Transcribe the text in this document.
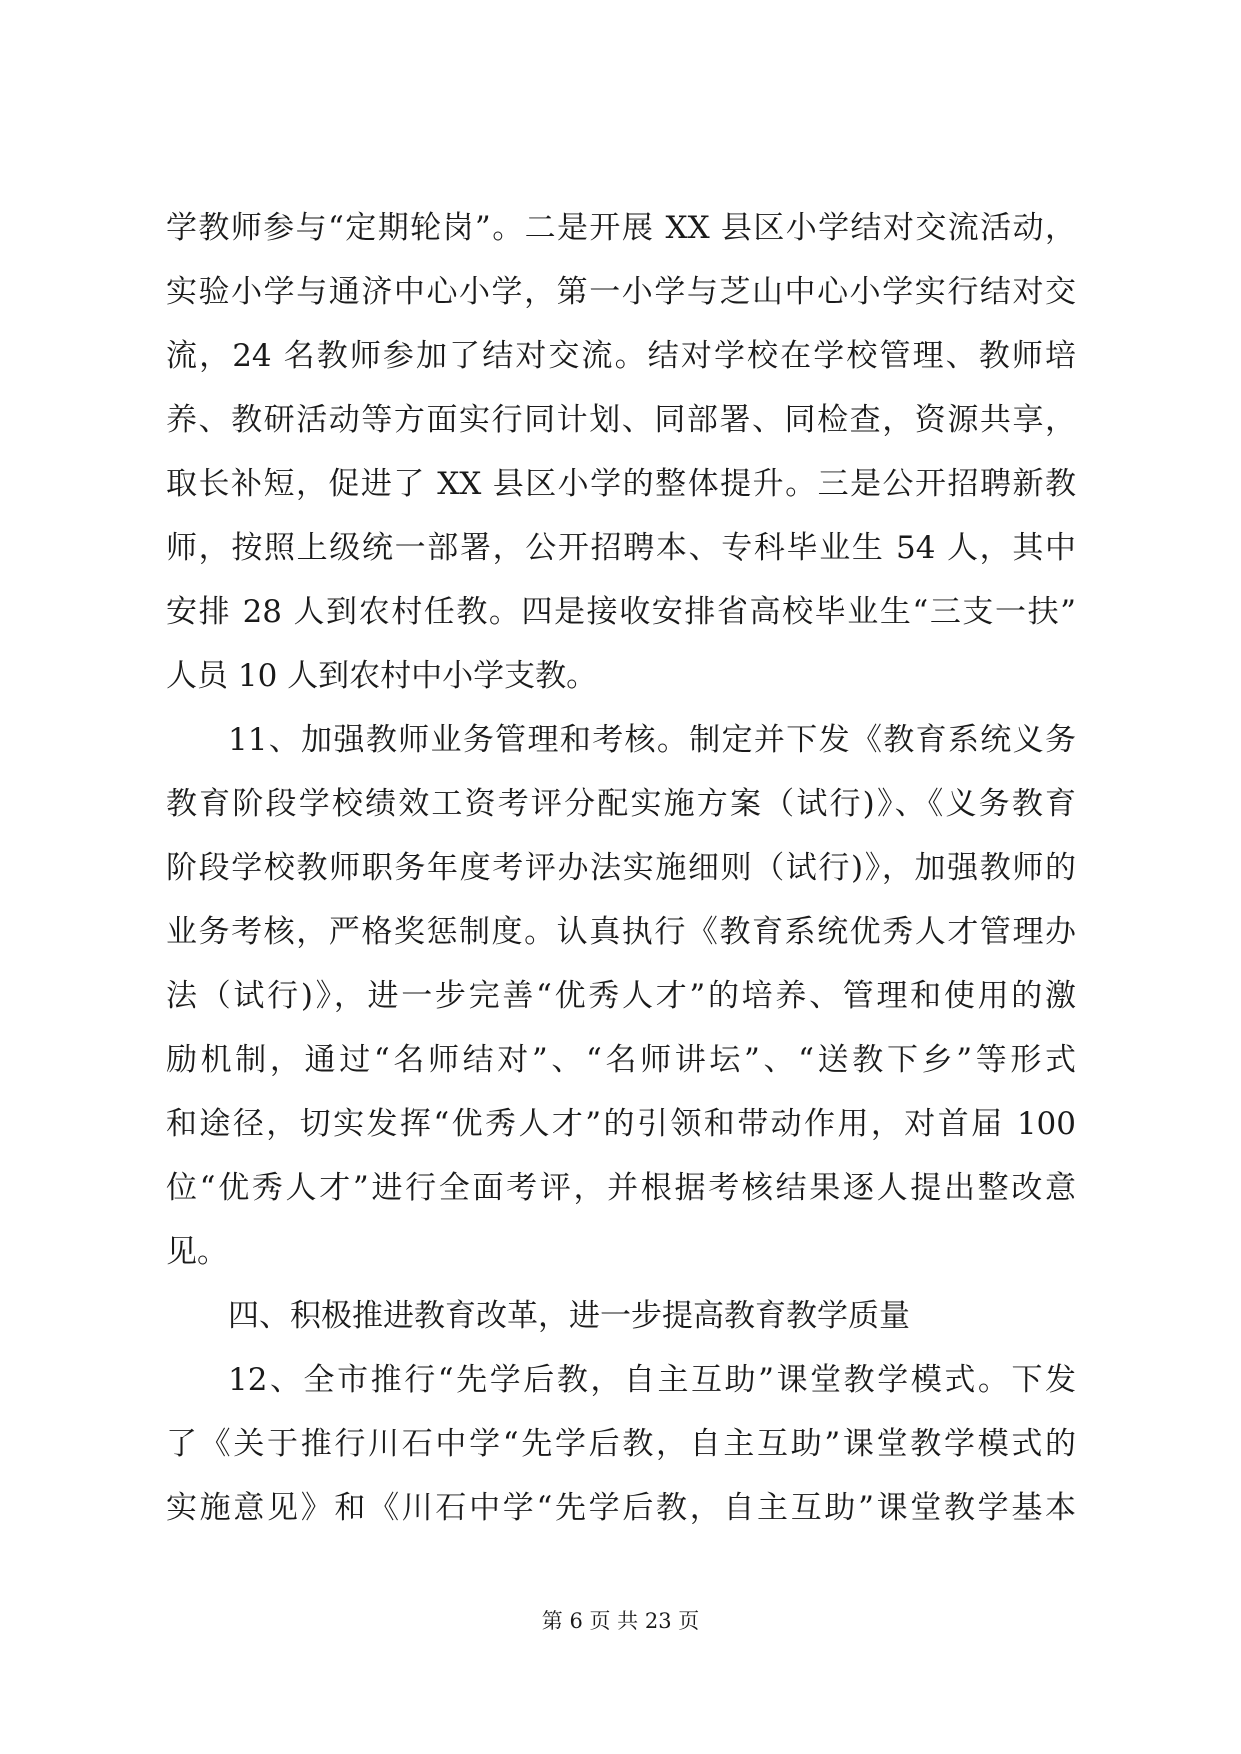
学教师参与“定期轮岗”。二是开展 XX 县区小学结对交流活动，
实验小学与通济中心小学，第一小学与芝山中心小学实行结对交
流，24 名教师参加了结对交流。结对学校在学校管理、教师培
养、教研活动等方面实行同计划、同部署、同检查，资源共享，
取长补短，促进了 XX 县区小学的整体提升。三是公开招聘新教
师，按照上级统一部署，公开招聘本、专科毕业生 54 人，其中
安排 28 人到农村任教。四是接收安排省高校毕业生“三支一扶”
人员 10 人到农村中小学支教。
11、加强教师业务管理和考核。制定并下发《教育系统义务
教育阶段学校绩效工资考评分配实施方案（试行)》、《义务教育
阶段学校教师职务年度考评办法实施细则（试行)》，加强教师的
业务考核，严格奖惩制度。认真执行《教育系统优秀人才管理办
法（试行)》，进一步完善“优秀人才”的培养、管理和使用的激
励机制，通过“名师结对”、“名师讲坛”、“送教下乡”等形式
和途径，切实发挥“优秀人才”的引领和带动作用，对首届 100
位“优秀人才”进行全面考评，并根据考核结果逐人提出整改意
见。
四、积极推进教育改革，进一步提高教育教学质量
12、全市推行“先学后教，自主互助”课堂教学模式。下发
了《关于推行川石中学“先学后教，自主互助”课堂教学模式的
实施意见》和《川石中学“先学后教，自主互助”课堂教学基本
第 6 页 共 23 页
